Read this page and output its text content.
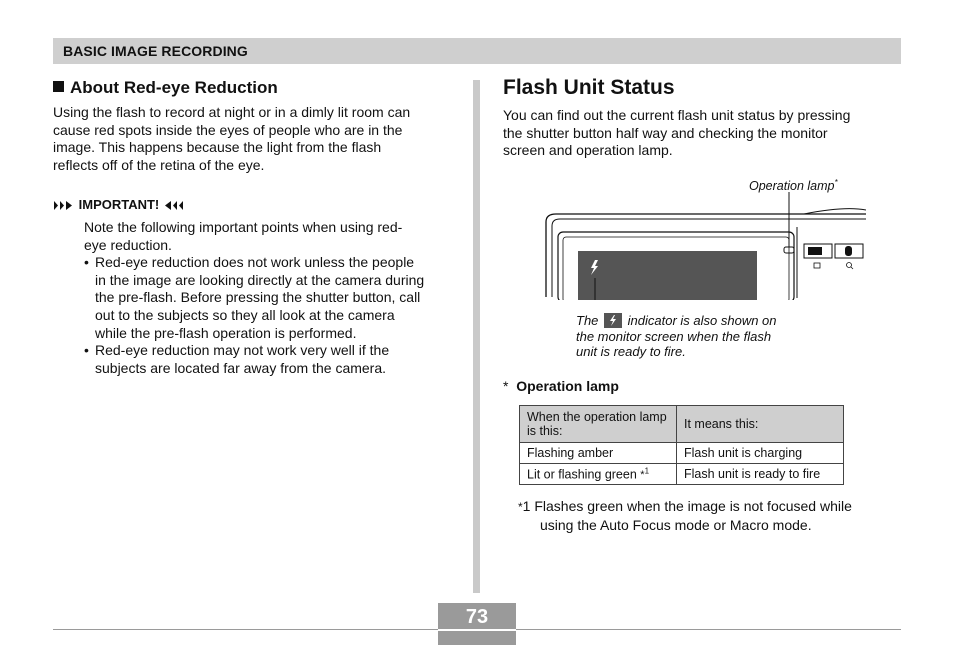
BASIC IMAGE RECORDING
About Red-eye Reduction
Using the flash to record at night or in a dimly lit room can
cause red spots inside the eyes of people who are in the
image. This happens because the light from the flash
reflects off of the retina of the eye.
IMPORTANT!
Note the following important points when using red-
eye reduction.
• Red-eye reduction does not work unless the people
in the image are looking directly at the camera during
the pre-flash. Before pressing the shutter button, call
out to the subjects so they all look at the camera
while the pre-flash operation is performed.
• Red-eye reduction may not work very well if the
subjects are located far away from the camera.
Flash Unit Status
You can find out the current flash unit status by pressing
the shutter button half way and checking the monitor
screen and operation lamp.
Operation lamp*
The indicator is also shown on
the monitor screen when the flash
unit is ready to fire.
* Operation lamp
When the operation lamp is this:	It means this:
Flashing amber	Flash unit is charging
Lit or flashing green *$^1$	Flash unit is ready to fire
*1 Flashes green when the image is not focused while
using the Auto Focus mode or Macro mode.
73
